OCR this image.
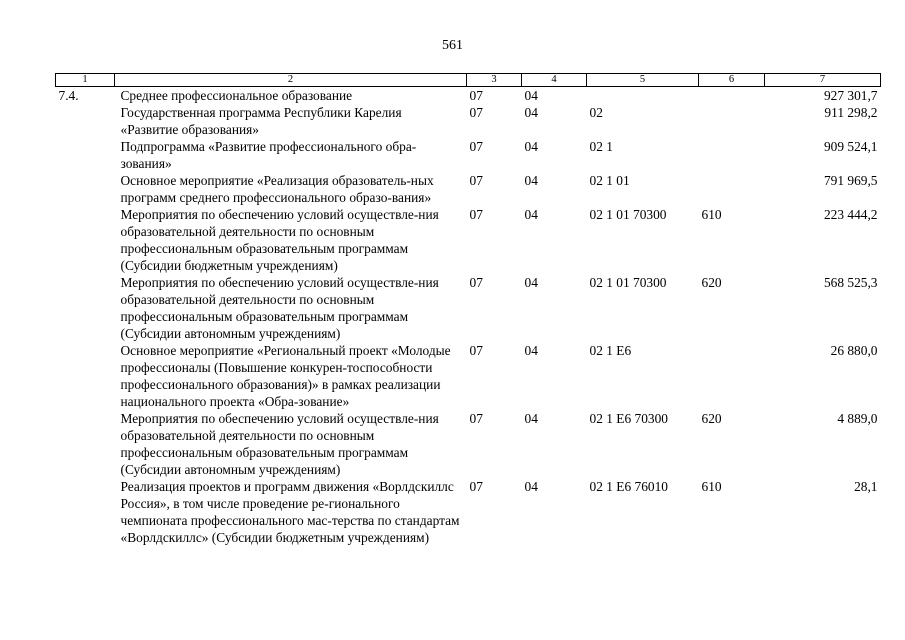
561
1	2	3	4	5	6	7
7.4.	Среднее профессиональное образование	07	04			927 301,7
	Государственная программа Республики Карелия «Развитие образования»	07	04	02		911 298,2
	Подпрограмма «Развитие профессионального обра-зования»	07	04	02 1		909 524,1
	Основное мероприятие «Реализация образователь-ных программ среднего профессионального образо-вания»	07	04	02 1 01		791 969,5
	Мероприятия по обеспечению условий осуществле-ния образовательной деятельности по основным профессиональным образовательным программам (Субсидии бюджетным учреждениям)	07	04	02 1 01 70300	610	223 444,2
	Мероприятия по обеспечению условий осуществле-ния образовательной деятельности по основным профессиональным образовательным программам (Субсидии автономным учреждениям)	07	04	02 1 01 70300	620	568 525,3
	Основное мероприятие «Региональный проект «Молодые профессионалы (Повышение конкурен-тоспособности профессионального образования)» в рамках реализации национального проекта «Обра-зование»	07	04	02 1 E6		26 880,0
	Мероприятия по обеспечению условий осуществле-ния образовательной деятельности по основным профессиональным образовательным программам (Субсидии автономным учреждениям)	07	04	02 1 E6 70300	620	4 889,0
	Реализация проектов и программ движения «Ворлдскиллс Россия», в том числе проведение ре-гионального чемпионата профессионального мас-терства по стандартам «Ворлдскиллс» (Субсидии бюджетным учреждениям)	07	04	02 1 E6 76010	610	28,1
